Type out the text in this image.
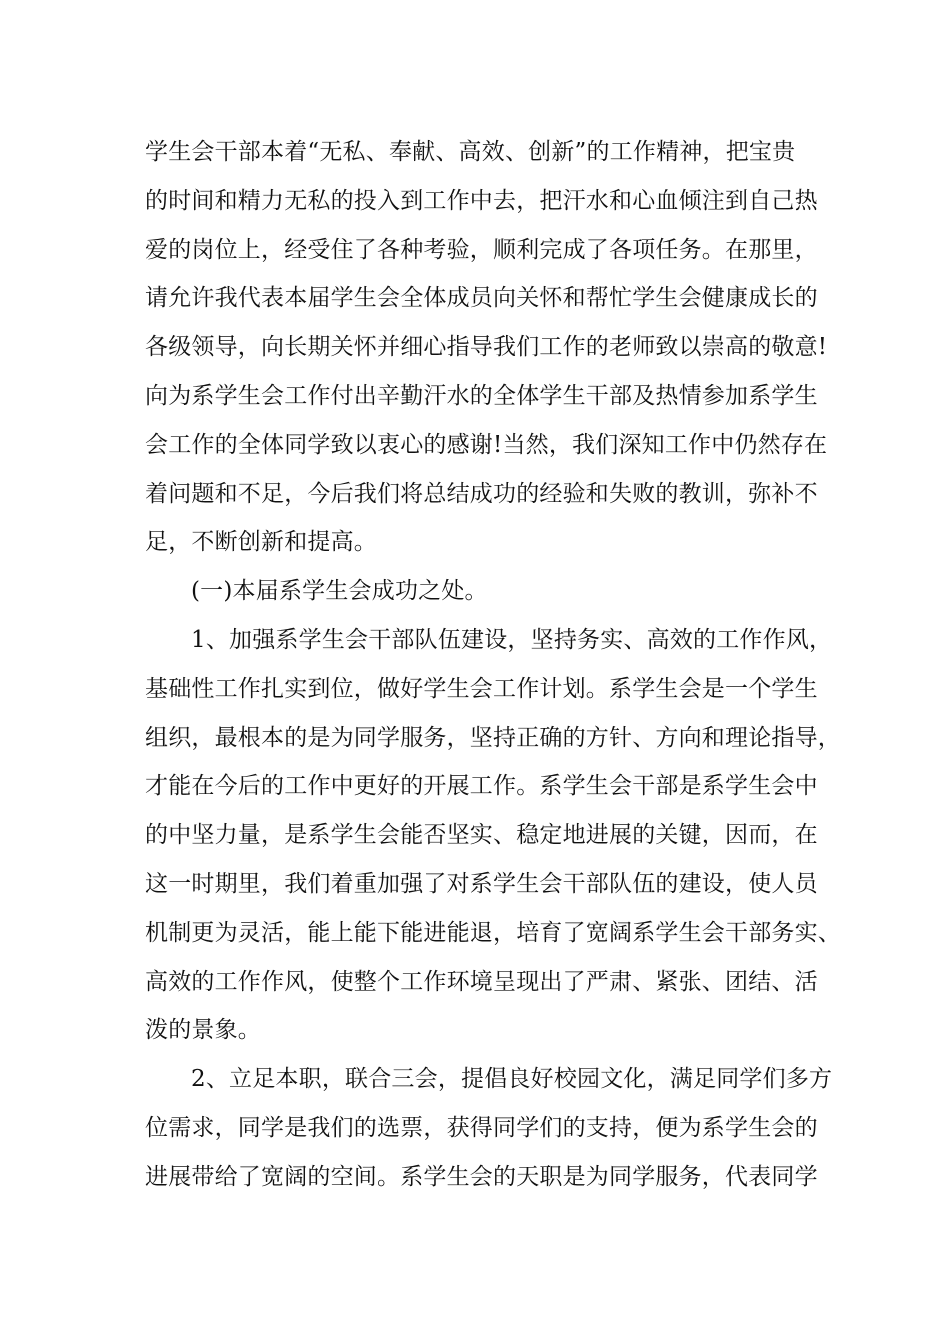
学生会干部本着“无私、奉献、高效、创新”的工作精神，把宝贵
的时间和精力无私的投入到工作中去，把汗水和心血倾注到自己热
爱的岗位上，经受住了各种考验，顺利完成了各项任务。在那里，
请允许我代表本届学生会全体成员向关怀和帮忙学生会健康成长的
各级领导，向长期关怀并细心指导我们工作的老师致以崇高的敬意!
向为系学生会工作付出辛勤汗水的全体学生干部及热情参加系学生
会工作的全体同学致以衷心的感谢!当然，我们深知工作中仍然存在
着问题和不足，今后我们将总结成功的经验和失败的教训，弥补不
足，不断创新和提高。
(一)本届系学生会成功之处。
1、加强系学生会干部队伍建设，坚持务实、高效的工作作风，
基础性工作扎实到位，做好学生会工作计划。系学生会是一个学生
组织，最根本的是为同学服务，坚持正确的方针、方向和理论指导，
才能在今后的工作中更好的开展工作。系学生会干部是系学生会中
的中坚力量，是系学生会能否坚实、稳定地进展的关键，因而，在
这一时期里，我们着重加强了对系学生会干部队伍的建设，使人员
机制更为灵活，能上能下能进能退，培育了宽阔系学生会干部务实、
高效的工作作风，使整个工作环境呈现出了严肃、紧张、团结、活
泼的景象。
2、立足本职，联合三会，提倡良好校园文化，满足同学们多方
位需求，同学是我们的选票，获得同学们的支持，便为系学生会的
进展带给了宽阔的空间。系学生会的天职是为同学服务，代表同学
